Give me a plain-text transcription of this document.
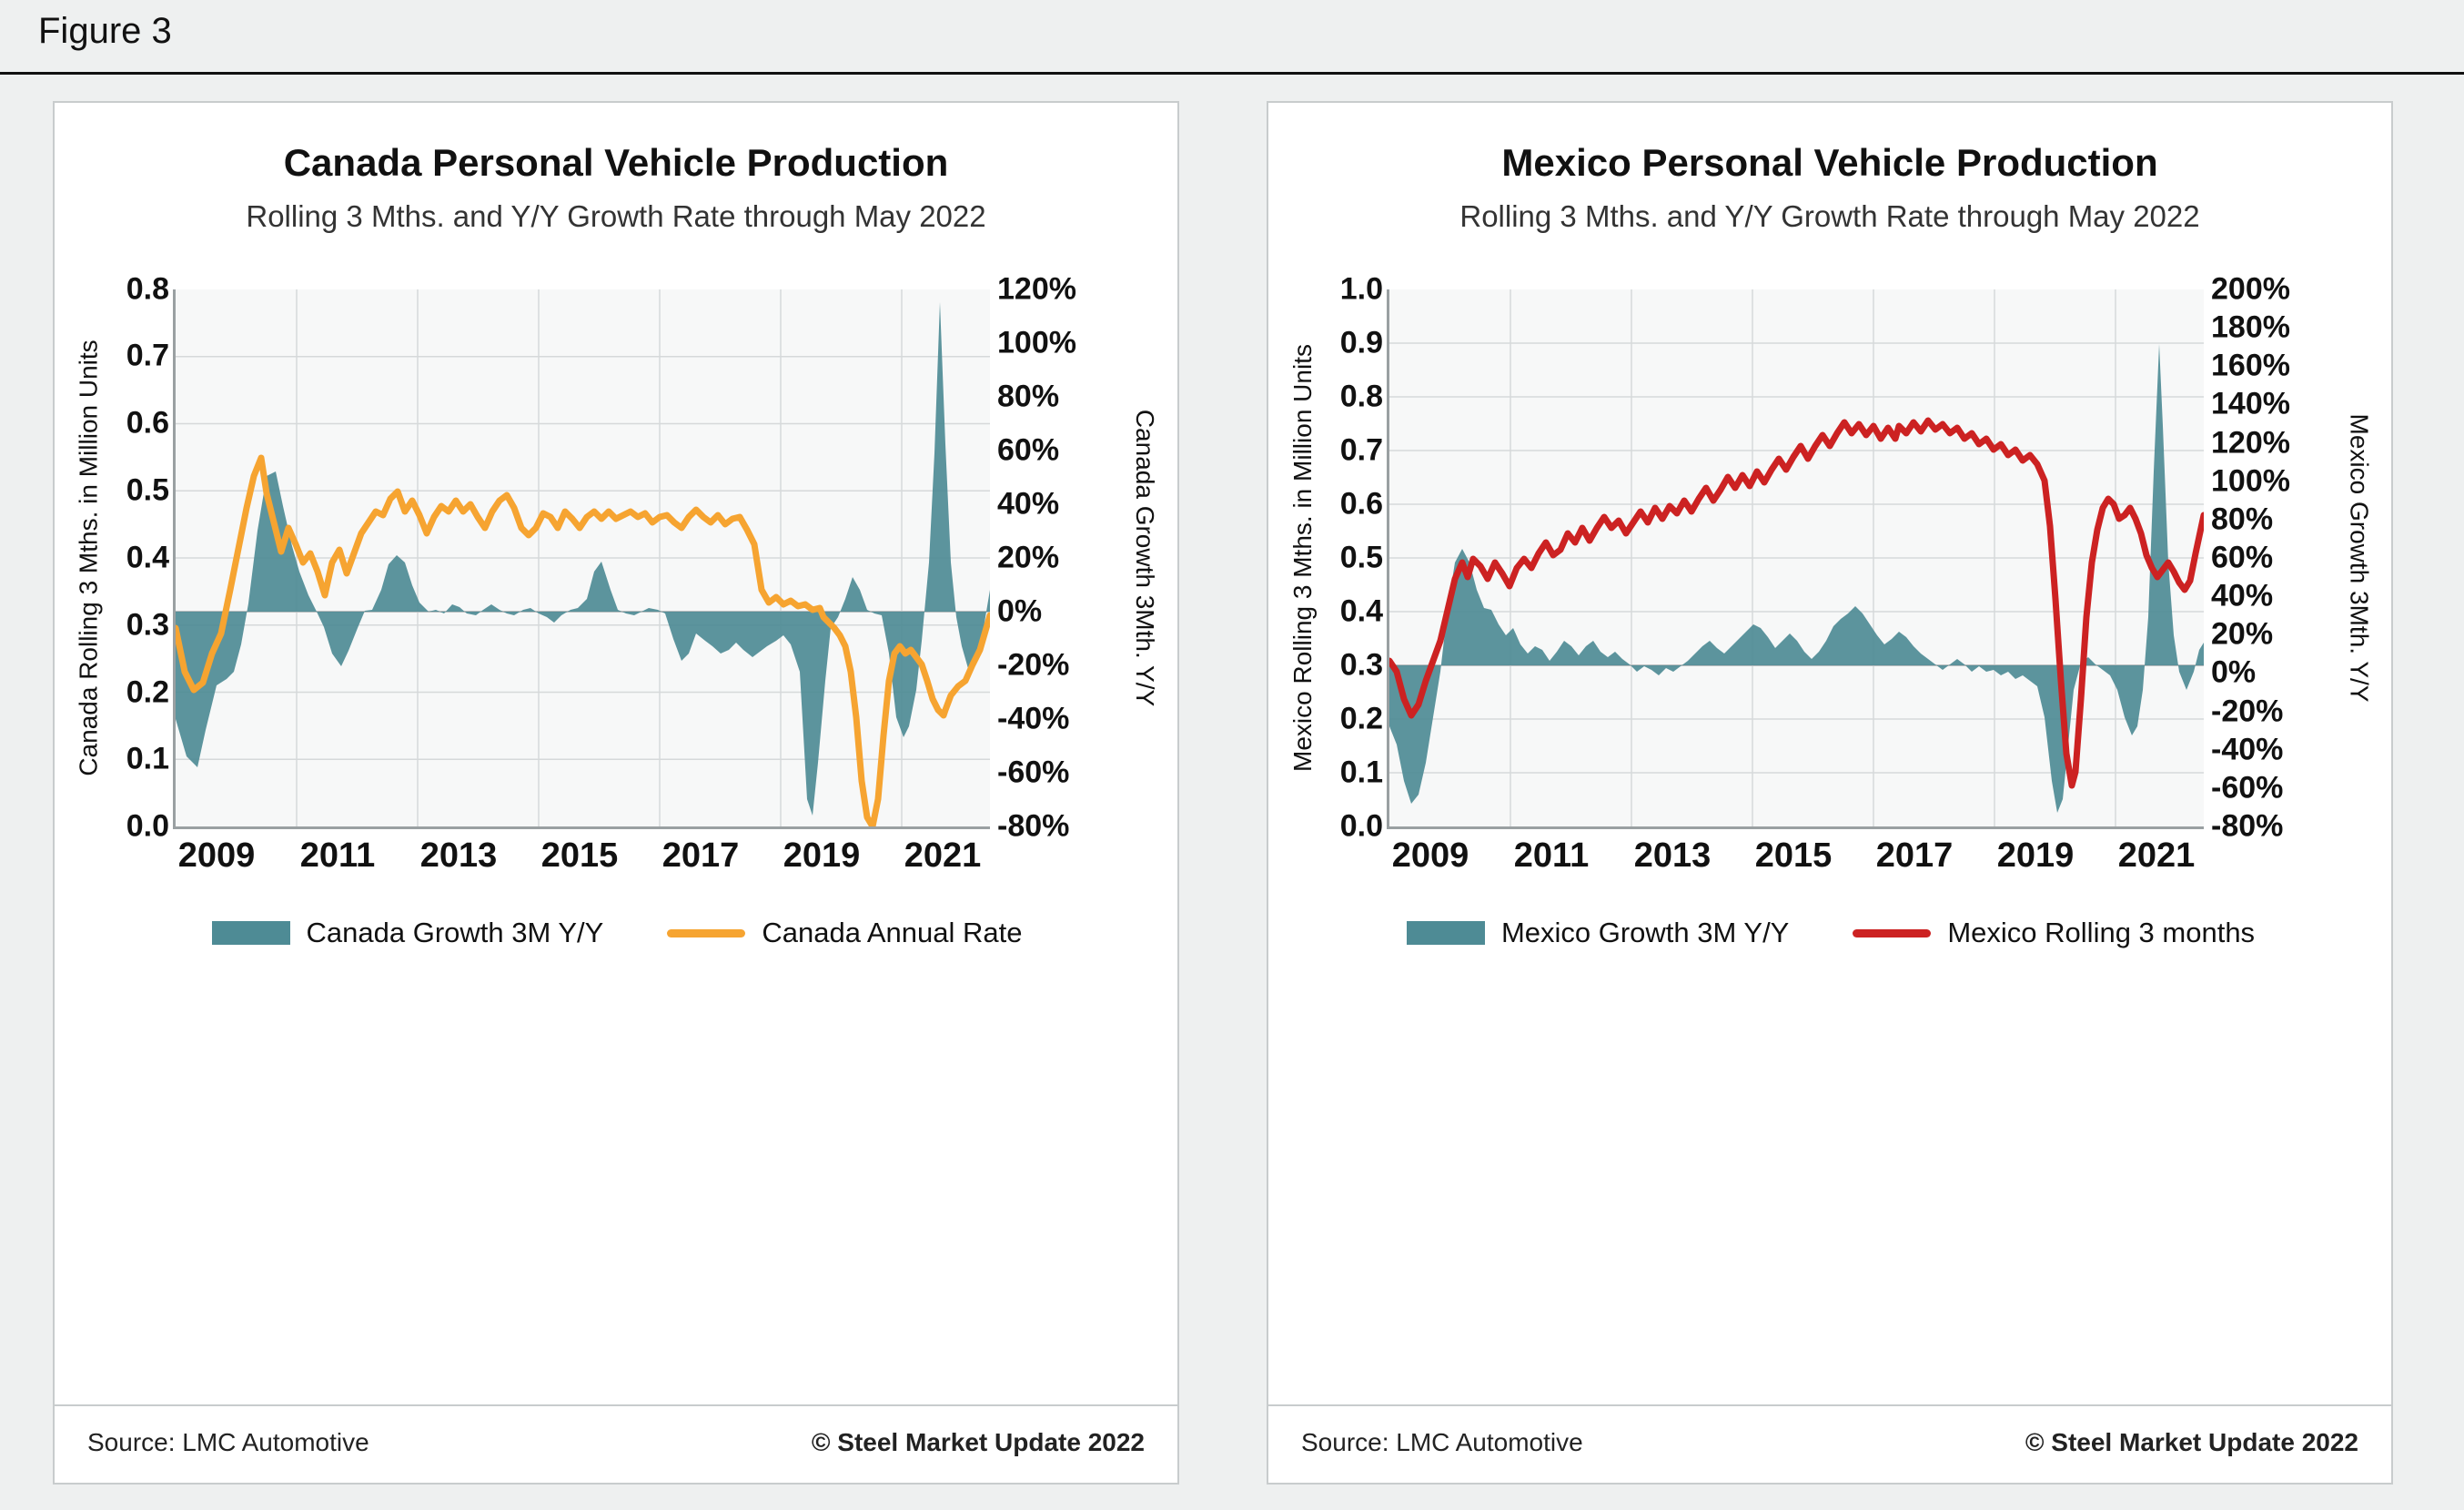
Figure 3
Canada Personal Vehicle Production
Rolling 3 Mths. and Y/Y Growth Rate through May 2022
Canada Rolling 3 Mths. in Million Units	Canada Growth 3Mth. Y/Y
0.8
0.7
0.6
0.5
0.4
0.3
0.2
0.1
0.0
120%
100%
80%
60%
40%
20%
0%
-20%
-40%
-60%
-80%
2009 2011 2013 2015 2017 2019 2021
Canada Growth 3M Y/Y	Canada Annual Rate
Source: LMC Automotive	© Steel Market Update 2022
Mexico Personal Vehicle Production
Rolling 3 Mths. and Y/Y Growth Rate through May 2022
Mexico Rolling 3 Mths. in Million Units	Mexico Growth 3Mth. Y/Y
1.0
0.9
0.8
0.7
0.6
0.5
0.4
0.3
0.2
0.1
0.0
200%
180%
160%
140%
120%
100%
80%
60%
40%
20%
0%
-20%
-40%
-60%
-80%
2009 2011 2013 2015 2017 2019 2021
Mexico Growth 3M Y/Y	Mexico Rolling 3 months
Source: LMC Automotive	© Steel Market Update 2022
